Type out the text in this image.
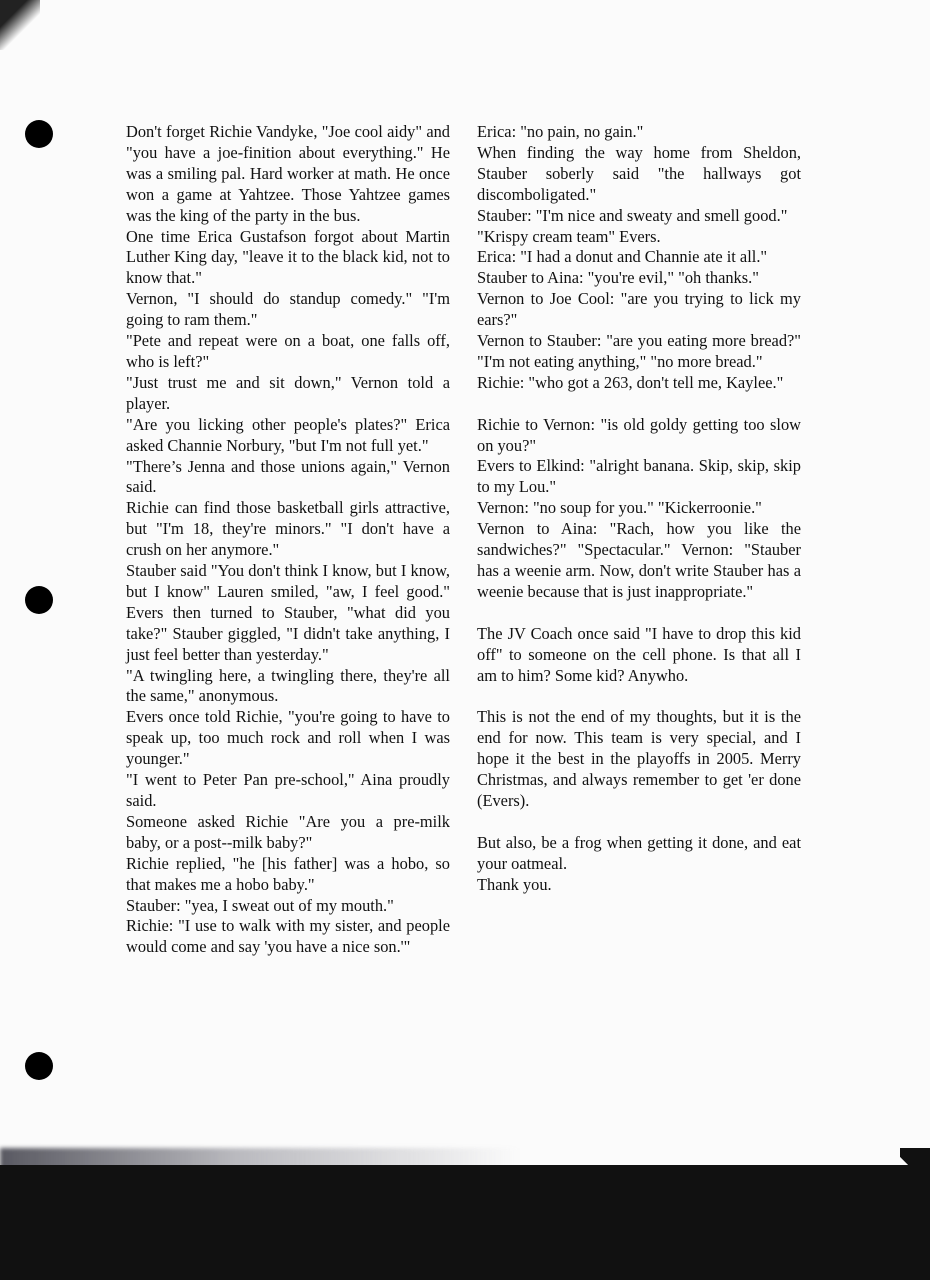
Don't forget Richie Vandyke, "Joe cool aidy" and "you have a joe-finition about everything." He was a smiling pal. Hard worker at math. He once won a game at Yahtzee. Those Yahtzee games was the king of the party in the bus.

One time Erica Gustafson forgot about Martin Luther King day, "leave it to the black kid, not to know that."

Vernon, "I should do standup comedy." "I'm going to ram them."

"Pete and repeat were on a boat, one falls off, who is left?"

"Just trust me and sit down," Vernon told a player.

"Are you licking other people's plates?" Erica asked Channie Norbury, "but I'm not full yet."

"There’s Jenna and those unions again," Vernon said.

Richie can find those basketball girls attractive, but "I'm 18, they're minors." "I don't have a crush on her anymore."

Stauber said "You don't think I know, but I know, but I know" Lauren smiled, "aw, I feel good." Evers then turned to Stauber, "what did you take?" Stauber giggled, "I didn't take anything, I just feel better than yesterday."

"A twingling here, a twingling there, they're all the same," anonymous.

Evers once told Richie, "you're going to have to speak up, too much rock and roll when I was younger."

"I went to Peter Pan pre-school," Aina proudly said.

Someone asked Richie "Are you a pre-milk baby, or a post--milk baby?"

Richie replied, "he [his father] was a hobo, so that makes me a hobo baby."

Stauber: "yea, I sweat out of my mouth."

Richie: "I use to walk with my sister, and people would come and say 'you have a nice son.'"

Erica: "no pain, no gain."

When finding the way home from Sheldon, Stauber soberly said "the hallways got discomboligated."

Stauber: "I'm nice and sweaty and smell good."

"Krispy cream team" Evers.

Erica: "I had a donut and Channie ate it all."

Stauber to Aina: "you're evil," "oh thanks."

Vernon to Joe Cool: "are you trying to lick my ears?"

Vernon to Stauber: "are you eating more bread?" "I'm not eating anything," "no more bread."

Richie: "who got a 263, don't tell me, Kaylee."

Richie to Vernon: "is old goldy getting too slow on you?"

Evers to Elkind: "alright banana. Skip, skip, skip to my Lou."

Vernon: "no soup for you." "Kickerroonie."

Vernon to Aina: "Rach, how you like the sandwiches?" "Spectacular." Vernon: "Stauber has a weenie arm. Now, don't write Stauber has a weenie because that is just inappropriate."

The JV Coach once said "I have to drop this kid off" to someone on the cell phone. Is that all I am to him? Some kid? Anywho.

This is not the end of my thoughts, but it is the end for now. This team is very special, and I hope it the best in the playoffs in 2005. Merry Christmas, and always remember to get 'er done (Evers).

But also, be a frog when getting it done, and eat your oatmeal.

Thank you.
